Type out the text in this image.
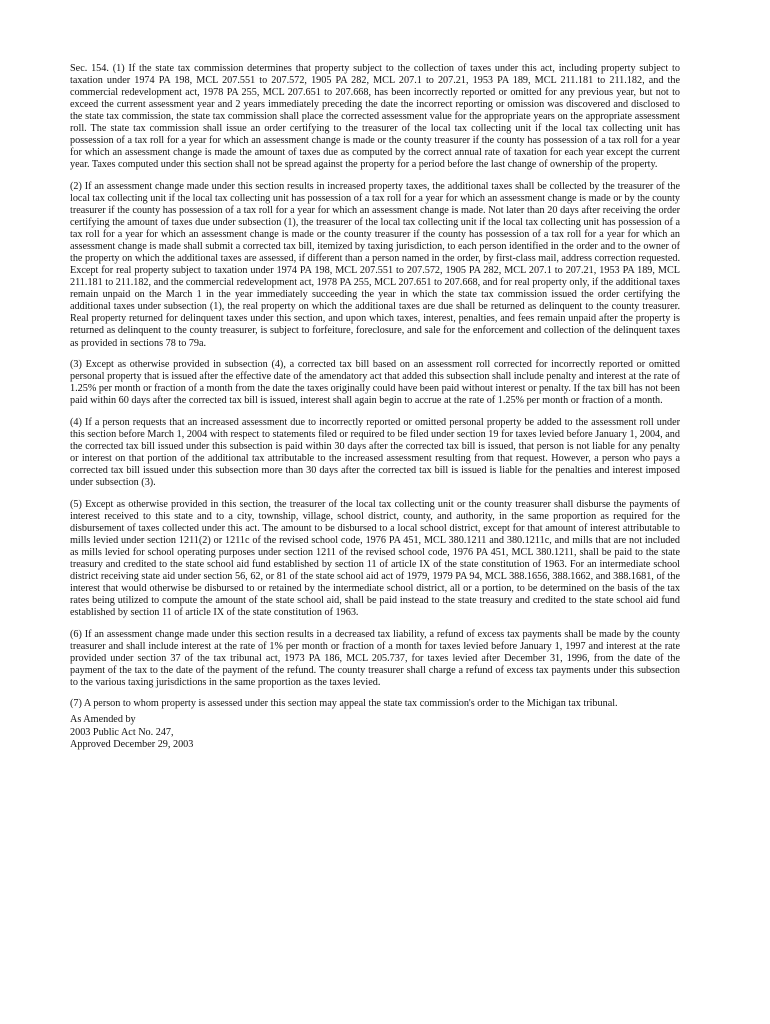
Sec. 154. (1) If the state tax commission determines that property subject to the collection of taxes under this act, including property subject to taxation under 1974 PA 198, MCL 207.551 to 207.572, 1905 PA 282, MCL 207.1 to 207.21, 1953 PA 189, MCL 211.181 to 211.182, and the commercial redevelopment act, 1978 PA 255, MCL 207.651 to 207.668, has been incorrectly reported or omitted for any previous year, but not to exceed the current assessment year and 2 years immediately preceding the date the incorrect reporting or omission was discovered and disclosed to the state tax commission, the state tax commission shall place the corrected assessment value for the appropriate years on the appropriate assessment roll. The state tax commission shall issue an order certifying to the treasurer of the local tax collecting unit if the local tax collecting unit has possession of a tax roll for a year for which an assessment change is made or the county treasurer if the county has possession of a tax roll for a year for which an assessment change is made the amount of taxes due as computed by the correct annual rate of taxation for each year except the current year. Taxes computed under this section shall not be spread against the property for a period before the last change of ownership of the property.

(2) If an assessment change made under this section results in increased property taxes, the additional taxes shall be collected by the treasurer of the local tax collecting unit if the local tax collecting unit has possession of a tax roll for a year for which an assessment change is made or by the county treasurer if the county has possession of a tax roll for a year for which an assessment change is made. Not later than 20 days after receiving the order certifying the amount of taxes due under subsection (1), the treasurer of the local tax collecting unit if the local tax collecting unit has possession of a tax roll for a year for which an assessment change is made or the county treasurer if the county has possession of a tax roll for a year for which an assessment change is made shall submit a corrected tax bill, itemized by taxing jurisdiction, to each person identified in the order and to the owner of the property on which the additional taxes are assessed, if different than a person named in the order, by first-class mail, address correction requested. Except for real property subject to taxation under 1974 PA 198, MCL 207.551 to 207.572, 1905 PA 282, MCL 207.1 to 207.21, 1953 PA 189, MCL 211.181 to 211.182, and the commercial redevelopment act, 1978 PA 255, MCL 207.651 to 207.668, and for real property only, if the additional taxes remain unpaid on the March 1 in the year immediately succeeding the year in which the state tax commission issued the order certifying the additional taxes under subsection (1), the real property on which the additional taxes are due shall be returned as delinquent to the county treasurer. Real property returned for delinquent taxes under this section, and upon which taxes, interest, penalties, and fees remain unpaid after the property is returned as delinquent to the county treasurer, is subject to forfeiture, foreclosure, and sale for the enforcement and collection of the delinquent taxes as provided in sections 78 to 79a.

(3) Except as otherwise provided in subsection (4), a corrected tax bill based on an assessment roll corrected for incorrectly reported or omitted personal property that is issued after the effective date of the amendatory act that added this subsection shall include penalty and interest at the rate of 1.25% per month or fraction of a month from the date the taxes originally could have been paid without interest or penalty. If the tax bill has not been paid within 60 days after the corrected tax bill is issued, interest shall again begin to accrue at the rate of 1.25% per month or fraction of a month.

(4) If a person requests that an increased assessment due to incorrectly reported or omitted personal property be added to the assessment roll under this section before March 1, 2004 with respect to statements filed or required to be filed under section 19 for taxes levied before January 1, 2004, and the corrected tax bill issued under this subsection is paid within 30 days after the corrected tax bill is issued, that person is not liable for any penalty or interest on that portion of the additional tax attributable to the increased assessment resulting from that request. However, a person who pays a corrected tax bill issued under this subsection more than 30 days after the corrected tax bill is issued is liable for the penalties and interest imposed under subsection (3).

(5) Except as otherwise provided in this section, the treasurer of the local tax collecting unit or the county treasurer shall disburse the payments of interest received to this state and to a city, township, village, school district, county, and authority, in the same proportion as required for the disbursement of taxes collected under this act. The amount to be disbursed to a local school district, except for that amount of interest attributable to mills levied under section 1211(2) or 1211c of the revised school code, 1976 PA 451, MCL 380.1211 and 380.1211c, and mills that are not included as mills levied for school operating purposes under section 1211 of the revised school code, 1976 PA 451, MCL 380.1211, shall be paid to the state treasury and credited to the state school aid fund established by section 11 of article IX of the state constitution of 1963. For an intermediate school district receiving state aid under section 56, 62, or 81 of the state school aid act of 1979, 1979 PA 94, MCL 388.1656, 388.1662, and 388.1681, of the interest that would otherwise be disbursed to or retained by the intermediate school district, all or a portion, to be determined on the basis of the tax rates being utilized to compute the amount of the state school aid, shall be paid instead to the state treasury and credited to the state school aid fund established by section 11 of article IX of the state constitution of 1963.

(6) If an assessment change made under this section results in a decreased tax liability, a refund of excess tax payments shall be made by the county treasurer and shall include interest at the rate of 1% per month or fraction of a month for taxes levied before January 1, 1997 and interest at the rate provided under section 37 of the tax tribunal act, 1973 PA 186, MCL 205.737, for taxes levied after December 31, 1996, from the date of the payment of the tax to the date of the payment of the refund. The county treasurer shall charge a refund of excess tax payments under this subsection to the various taxing jurisdictions in the same proportion as the taxes levied.

(7) A person to whom property is assessed under this section may appeal the state tax commission's order to the Michigan tax tribunal.

As Amended by

2003 Public Act No. 247,

Approved December 29, 2003
